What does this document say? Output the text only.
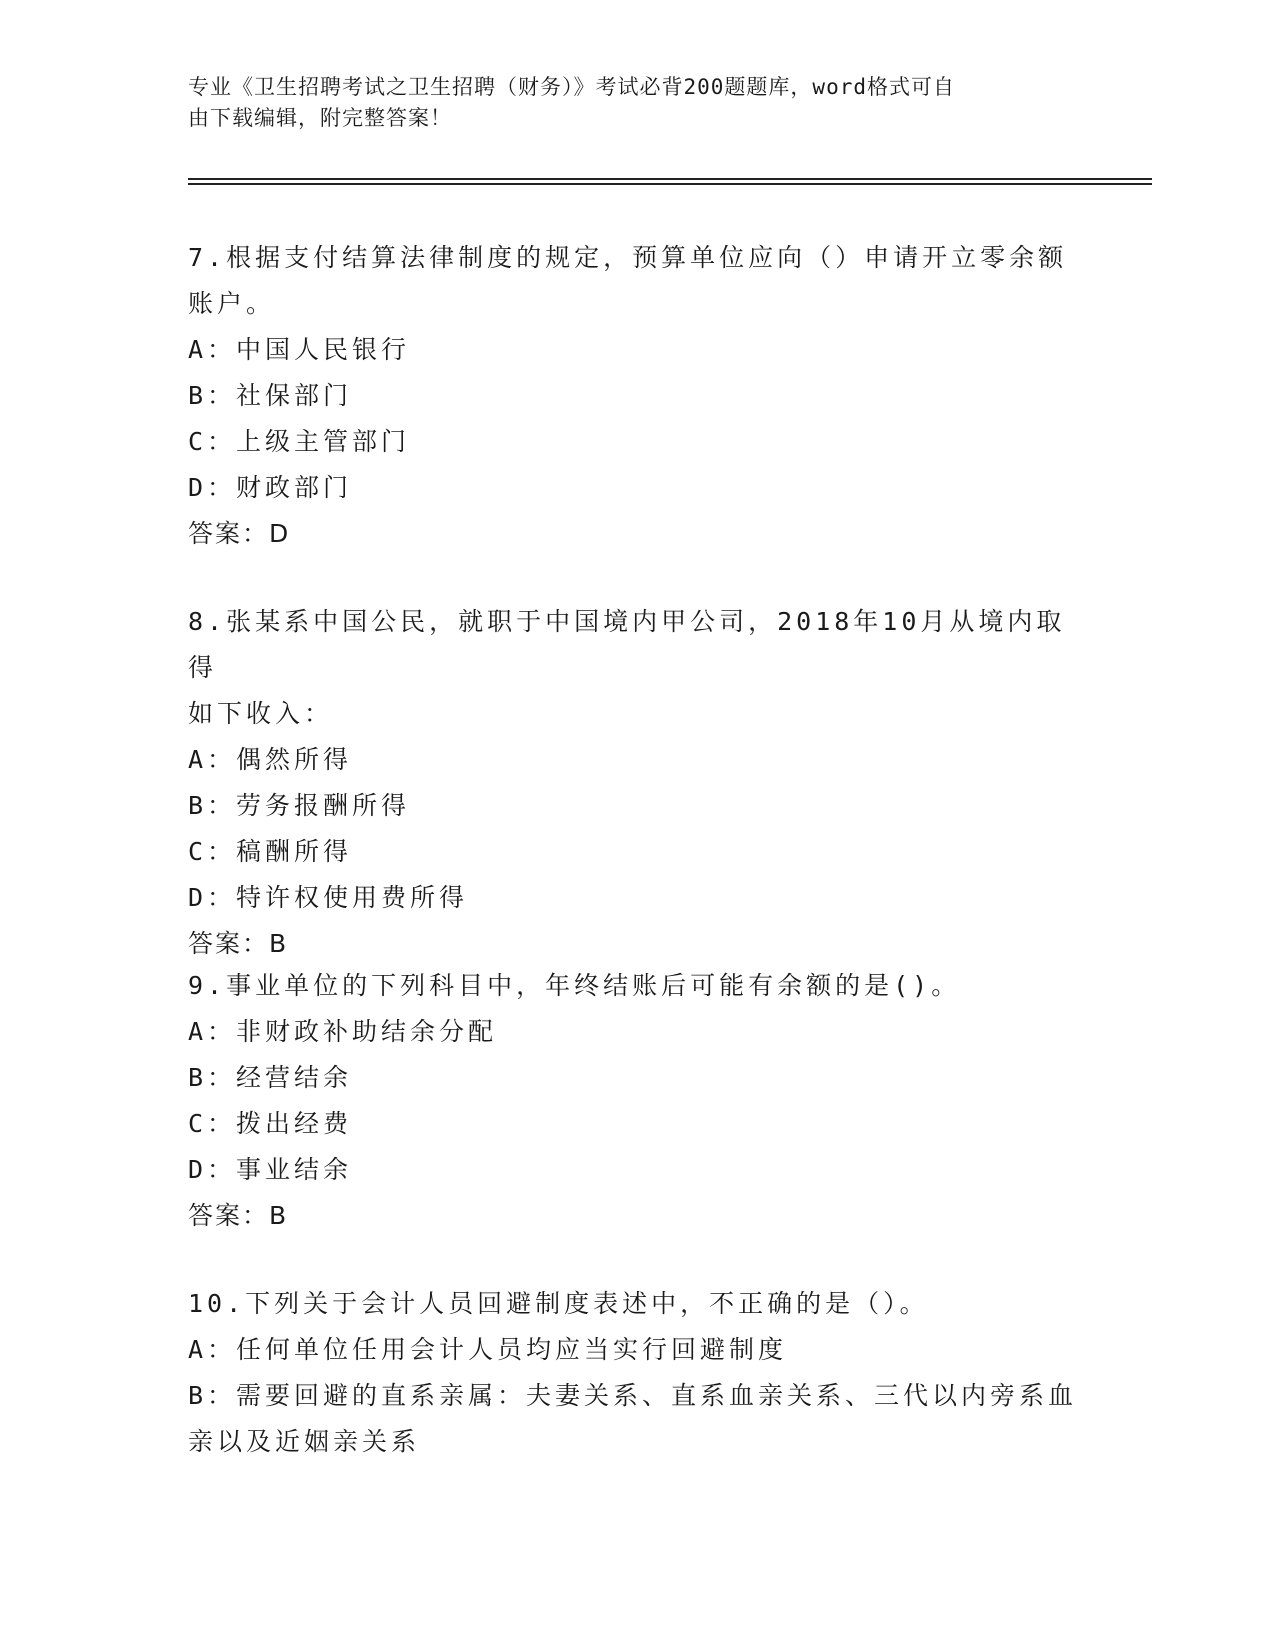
专业《卫生招聘考试之卫生招聘（财务）》考试必背200题题库，word格式可自
由下载编辑，附完整答案！

7.根据支付结算法律制度的规定，预算单位应向（）申请开立零余额

账户。

A：中国人民银行

B：社保部门

C：上级主管部门

D：财政部门

答案：D

8.张某系中国公民，就职于中国境内甲公司，2018年10月从境内取得

如下收入：

A：偶然所得

B：劳务报酬所得

C：稿酬所得

D：特许权使用费所得

答案：B

9.事业单位的下列科目中，年终结账后可能有余额的是()。

A：非财政补助结余分配

B：经营结余

C：拨出经费

D：事业结余

答案：B

10.下列关于会计人员回避制度表述中，不正确的是（）。

A：任何单位任用会计人员均应当实行回避制度

B：需要回避的直系亲属：夫妻关系、直系血亲关系、三代以内旁系血

亲以及近姻亲关系
